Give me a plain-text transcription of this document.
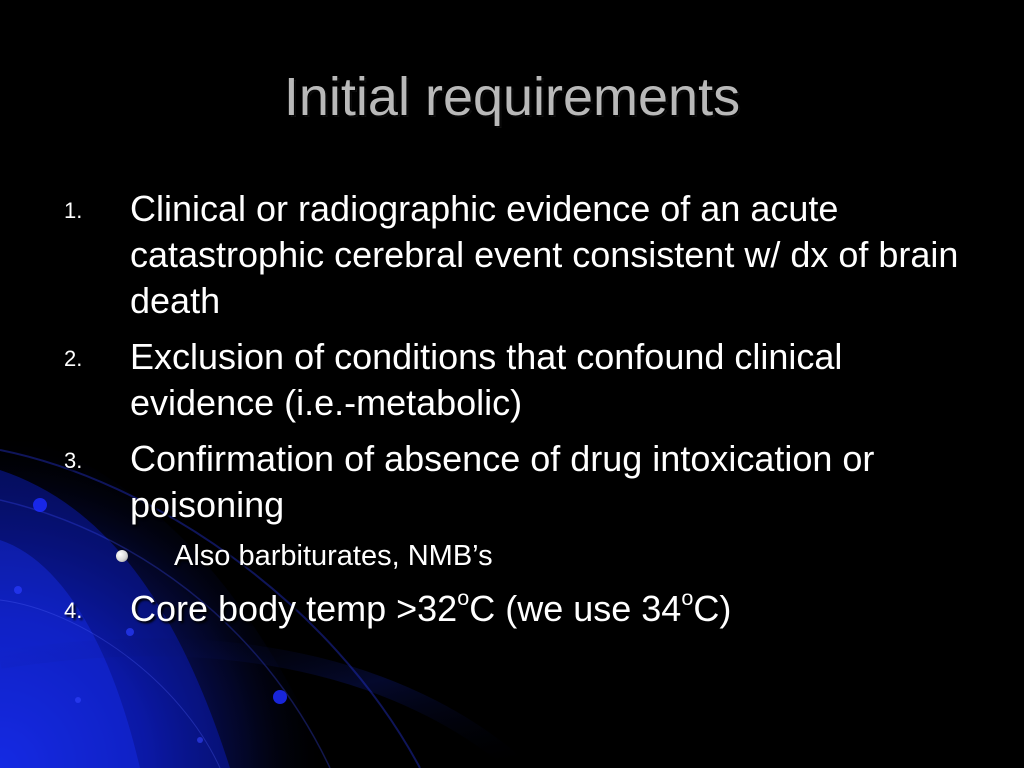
Initial requirements
1. Clinical or radiographic evidence of an acute catastrophic cerebral event consistent w/ dx of brain death
2. Exclusion of conditions that confound clinical evidence (i.e.-metabolic)
3. Confirmation of absence of drug intoxication or poisoning
Also barbiturates, NMB’s
4. Core body temp $>32^oC$ (we use 34$^o$C)
